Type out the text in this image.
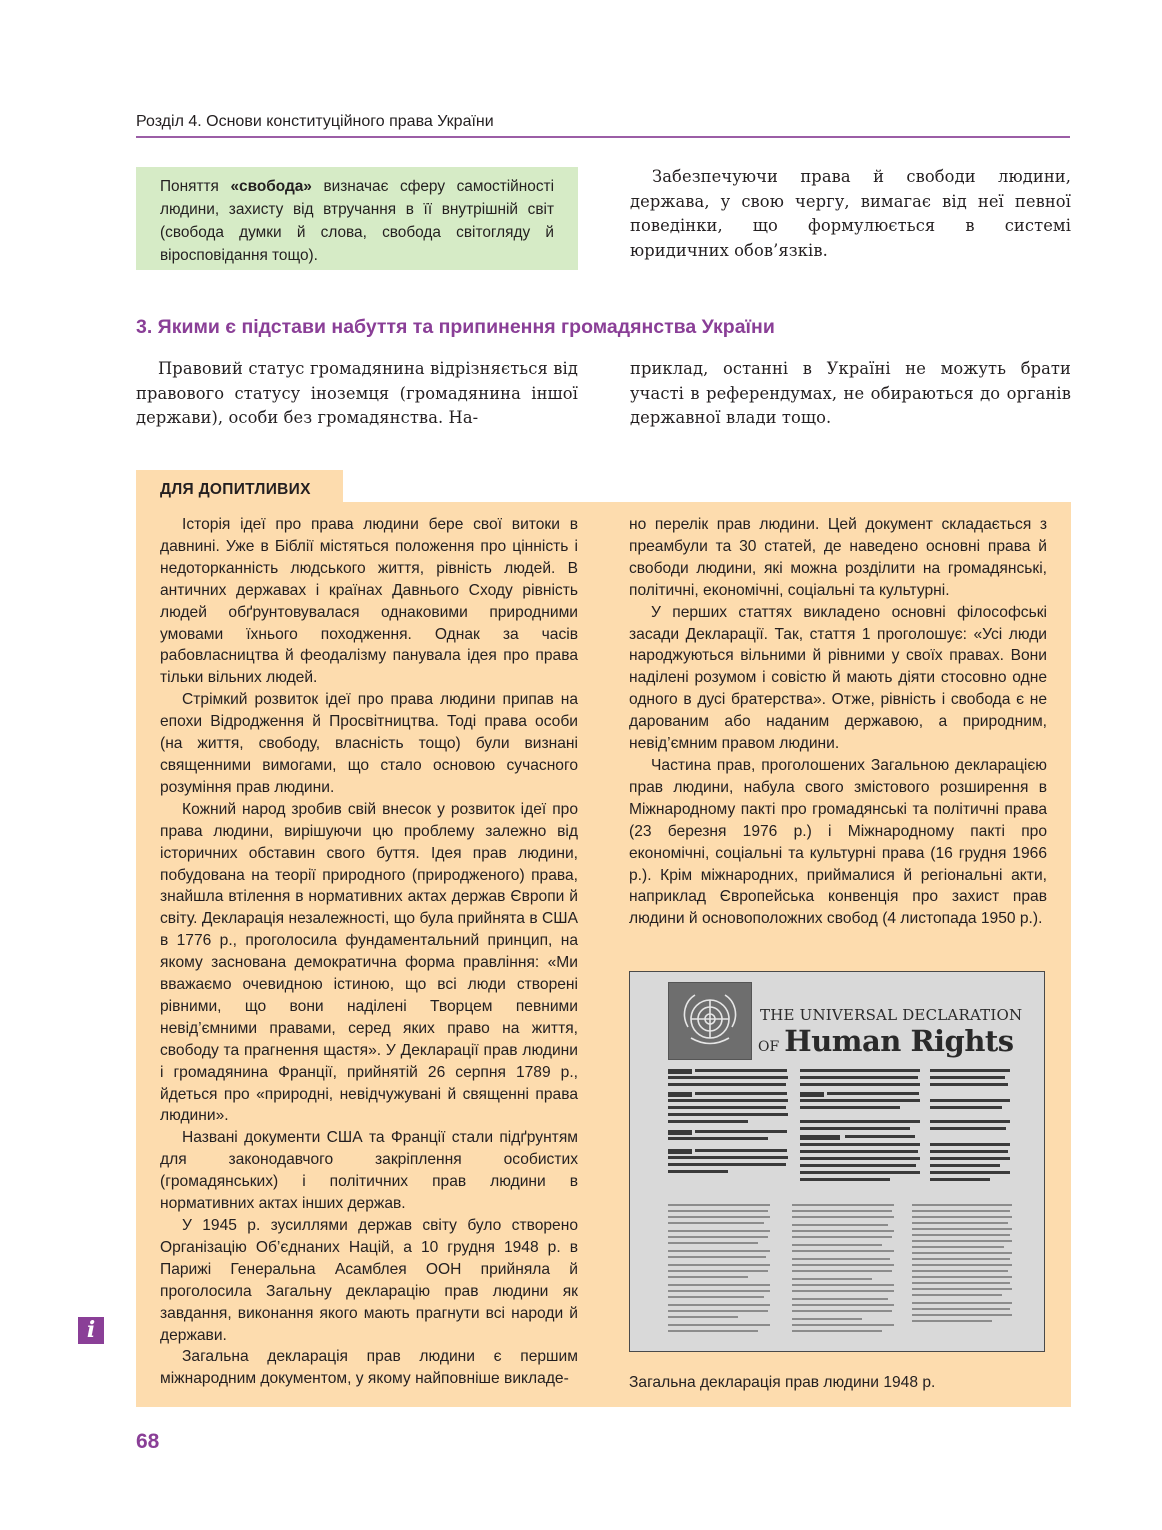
Розділ 4. Основи конституційного права України
Поняття «свобода» визначає сферу самостійності людини, захисту від втручання в її внутрішній світ (свобода думки й слова, свобода світогляду й віросповідання тощо).

Забезпечуючи права й свободи людини, держава, у свою чергу, вимагає від неї певної поведінки, що формулюється в системі юридичних обов’язків.

3. Якими є підстави набуття та припинення громадянства України

Правовий статус громадянина відрізняється від правового статусу іноземця (громадянина іншої держави), особи без громадянства. На-

приклад, останні в Україні не можуть брати участі в референдумах, не обираються до органів державної влади тощо.

ДЛЯ ДОПИТЛИВИХ

Історія ідеї про права людини бере свої витоки в давнині. Уже в Біблії містяться положення про цінність і недоторканність людського життя, рівність людей. В античних державах і країнах Давнього Сходу рівність людей обґрунтовувалася однаковими природними умовами їхнього походження. Однак за часів рабовласництва й феодалізму панувала ідея про права тільки вільних людей.

Стрімкий розвиток ідеї про права людини припав на епохи Відродження й Просвітництва. Тоді права особи (на життя, свободу, власність тощо) були визнані священними вимогами, що стало основою сучасного розуміння прав людини.

Кожний народ зробив свій внесок у розвиток ідеї про права людини, вирішуючи цю проблему залежно від історичних обставин свого буття. Ідея прав людини, побудована на теорії природного (природженого) права, знайшла втілення в нормативних актах держав Європи й світу. Декларація незалежності, що була прийнята в США в 1776 р., проголосила фундаментальний принцип, на якому заснована демократична форма правління: «Ми вважаємо очевидною істиною, що всі люди створені рівними, що вони наділені Творцем певними невід’ємними правами, серед яких право на життя, свободу та прагнення щастя». У Декларації прав людини і громадянина Франції, прийнятій 26 серпня 1789 р., йдеться про «природні, невідчужувані й священні права людини».

Названі документи США та Франції стали підґрунтям для законодавчого закріплення особистих (громадянських) і політичних прав людини в нормативних актах інших держав.

У 1945 р. зусиллями держав світу було створено Організацію Об’єднаних Націй, а 10 грудня 1948 р. в Парижі Генеральна Асамблея ООН прийняла й проголосила Загальну декларацію прав людини як завдання, виконання якого мають прагнути всі народи й держави.

Загальна декларація прав людини є першим міжнародним документом, у якому найповніше викладе-

но перелік прав людини. Цей документ складається з преамбули та 30 статей, де наведено основні права й свободи людини, які можна розділити на громадянські, політичні, економічні, соціальні та культурні.

У перших статтях викладено основні філософські засади Декларації. Так, стаття 1 проголошує: «Усі люди народжуються вільними й рівними у своїх правах. Вони наділені розумом і совістю й мають діяти стосовно одне одного в дусі братерства». Отже, рівність і свобода є не дарованим або наданим державою, а природним, невід’ємним правом людини.

Частина прав, проголошених Загальною декларацією прав людини, набула свого змістового розширення в Міжнародному пакті про громадянські та політичні права (23 березня 1976 р.) і Міжнародному пакті про економічні, соціальні та культурні права (16 грудня 1966 р.). Крім міжнародних, приймалися й регіональні акти, наприклад Європейська конвенція про захист прав людини й основоположних свобод (4 листопада 1950 р.).

THE UNIVERSAL DECLARATION
OF Human Rights
Загальна декларація прав людини 1948 р.
i
68
